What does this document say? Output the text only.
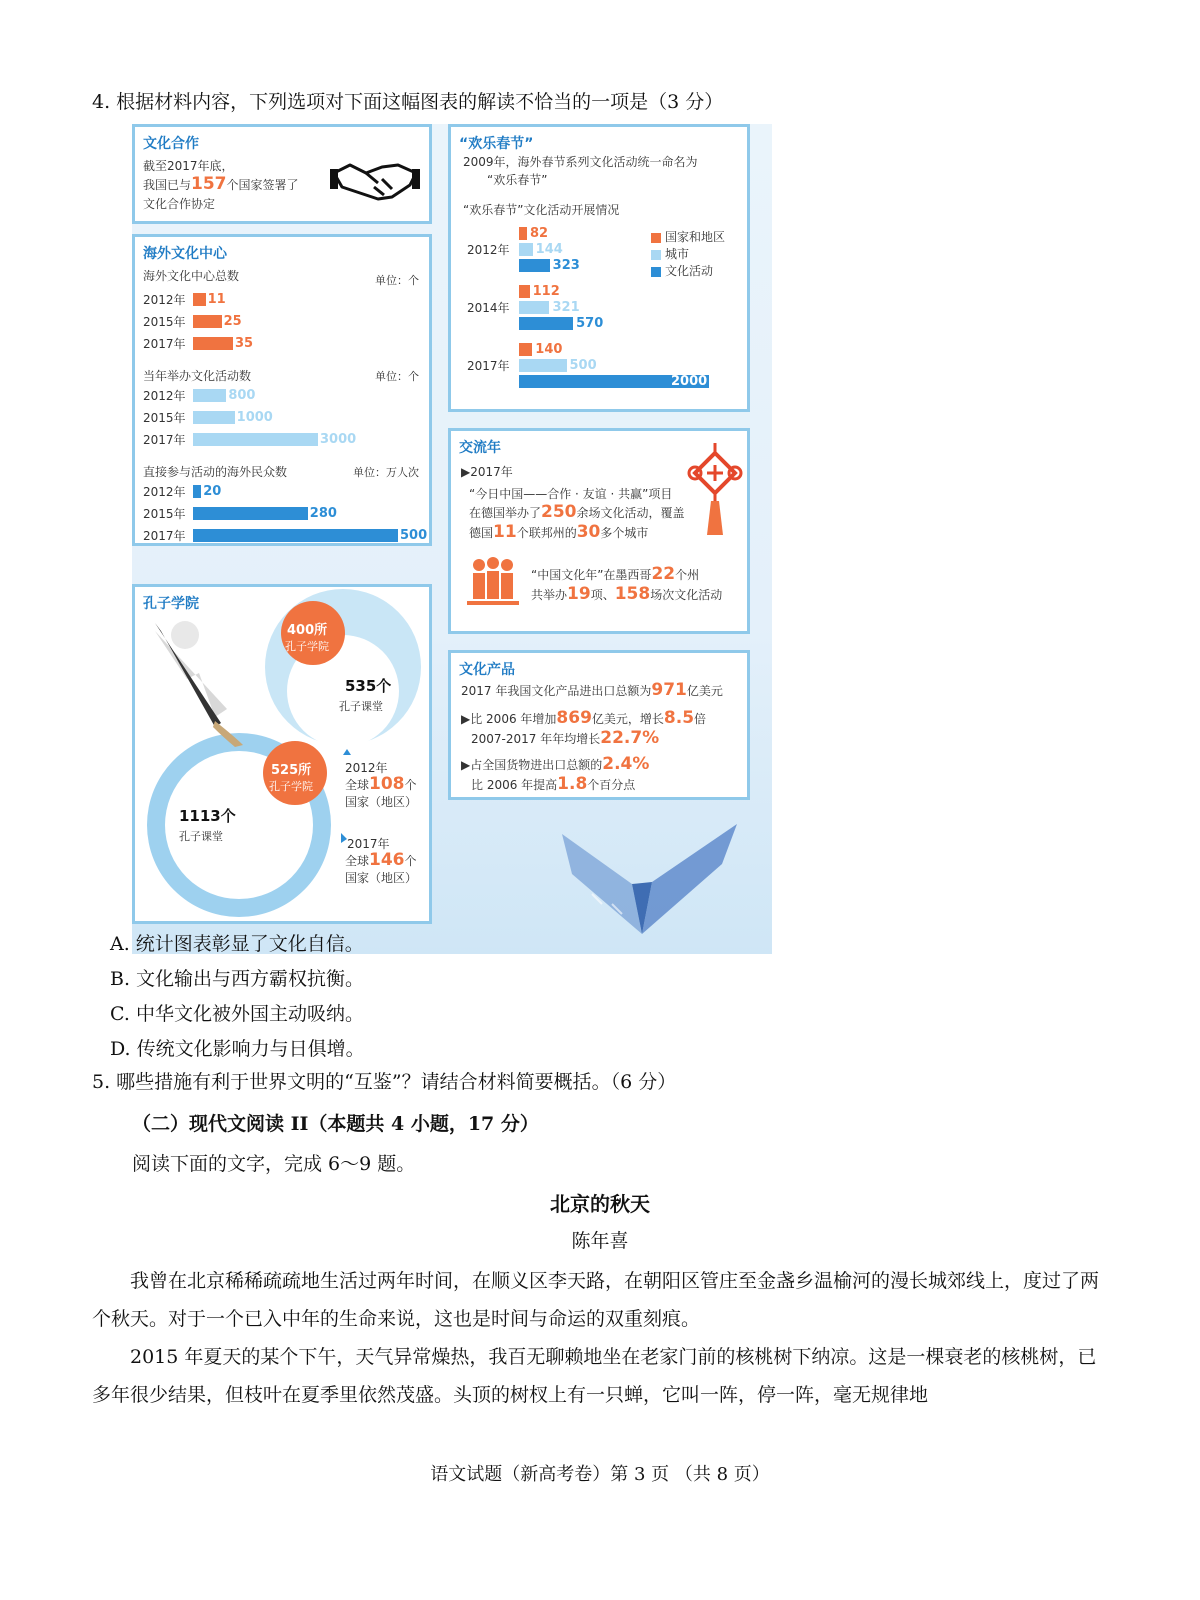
4. 根据材料内容，下列选项对下面这幅图表的解读不恰当的一项是（3 分）
文化合作
截至2017年底，
我国已与157个国家签署了
文化合作协定
海外文化中心
海外文化中心总数	单位：个
2012年 11
2015年	25
2017年	35
当年举办文化活动数	单位：个
2012年	800
2015年	1000
2017年	3000
直接参与活动的海外民众数	单位：万人次
2012年 20
2015年	280
2017年	500
“欢乐春节”
2009年，海外春节系列文化活动统一命名为
“欢乐春节”
“欢乐春节”文化活动开展情况
国家和地区
城市
文化活动
2012年
82
144
323
2014年
112
321
570
2017年
140
500
2000
交流年
▶2017年
“今日中国——合作 · 友谊 · 共赢”项目
在德国举办了250余场文化活动，覆盖
德国11个联邦州的30多个城市
“中国文化年”在墨西哥22个州
共举办19项、158场次文化活动
孔子学院
400所
孔子学院
535个
孔子课堂
2012年
全球108个
国家（地区）
525所
孔子学院
1113个
孔子课堂
2017年
全球146个
国家（地区）
文化产品
2017 年我国文化产品进出口总额为971亿美元
▶比 2006 年增加869亿美元，增长8.5倍
2007-2017 年年均增长22.7%
▶占全国货物进出口总额的2.4%
比 2006 年提高1.8个百分点
A. 统计图表彰显了文化自信。
B. 文化输出与西方霸权抗衡。
C. 中华文化被外国主动吸纳。
D. 传统文化影响力与日俱增。
5. 哪些措施有利于世界文明的“互鉴”？请结合材料简要概括。（6 分）
（二）现代文阅读 II（本题共 4 小题，17 分）
阅读下面的文字，完成 6～9 题。
北京的秋天
陈年喜
我曾在北京稀稀疏疏地生活过两年时间，在顺义区李天路，在朝阳区管庄至金盏乡温榆河的漫长城郊线上，度过了两个秋天。对于一个已入中年的生命来说，这也是时间与命运的双重刻痕。
2015 年夏天的某个下午，天气异常燥热，我百无聊赖地坐在老家门前的核桃树下纳凉。这是一棵衰老的核桃树，已多年很少结果，但枝叶在夏季里依然茂盛。头顶的树杈上有一只蝉，它叫一阵，停一阵，毫无规律地
语文试题（新高考卷）第 3 页 （共 8 页）
